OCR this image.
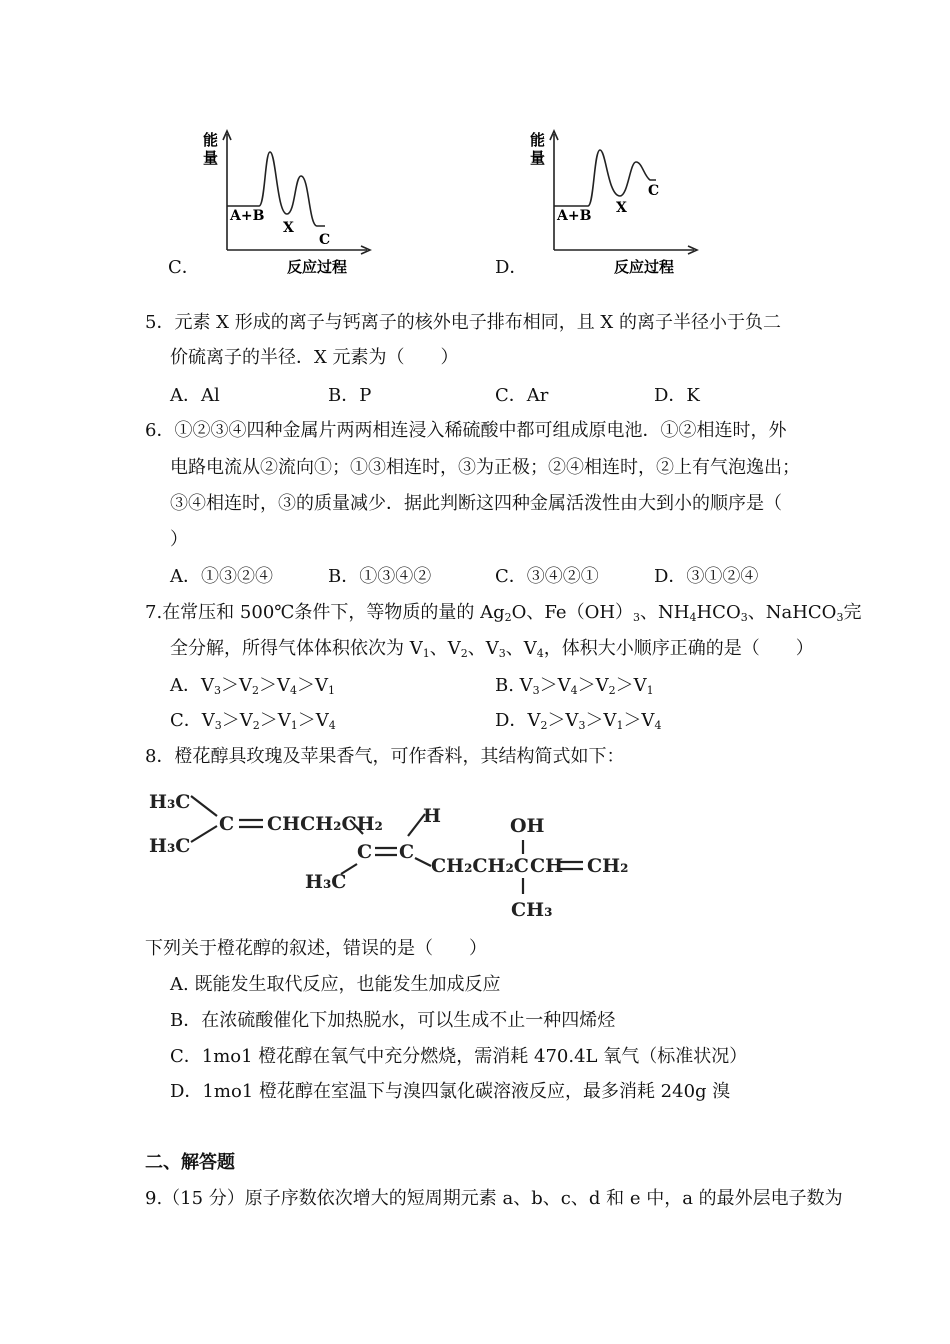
C．
能
量
A+B
X
C
反应过程	D．
能
量
A+B X
C
反应过程
5．元素 X 形成的离子与钙离子的核外电子排布相同，且 X 的离子半径小于负二
价硫离子的半径．X 元素为（　　）
A．Al	B．P	C．Ar	D．K
6．①②③④四种金属片两两相连浸入稀硫酸中都可组成原电池．①②相连时，外
电路电流从②流向①；①③相连时，③为正极；②④相连时，②上有气泡逸出；
③④相连时，③的质量减少．据此判断这四种金属活泼性由大到小的顺序是（
）
A．①③②④	B．①③④②	C．③④②①	D．③①②④
7.在常压和 500℃条件下，等物质的量的 $Ag_2O$、$Fe(OH)_3$、$NH_4HCO_3$、NaHCO$_3$完
全分解，所得气体体积依次为 $V_1$、$V_2$、$V_3$、$V_4$，体积大小顺序正确的是（　　）
A．$V_3>V_2>V_4>V_1$	B. $V_3>V_4>V_2>V_1$
C．$V_3>V_2>V_1>V_4$	D．$V_2>V_3>V_1>V_4$
8．橙花醇具玫瑰及苹果香气，可作香料，其结构简式如下：
H₃C
H₃C
C CHCH₂CH₂
C C
H
H₃C
CH₂CH₂C CH CH₂
OH
CH₃
下列关于橙花醇的叙述，错误的是（　　）
A. 既能发生取代反应，也能发生加成反应
B．在浓硫酸催化下加热脱水，可以生成不止一种四烯烃
C．1mo1 橙花醇在氧气中充分燃烧，需消耗 470.4L 氧气（标准状况）
D．1mo1 橙花醇在室温下与溴四氯化碳溶液反应，最多消耗 240g 溴
二、解答题
9.（15 分）原子序数依次增大的短周期元素 a、b、c、d 和 e 中，a 的最外层电子数为
